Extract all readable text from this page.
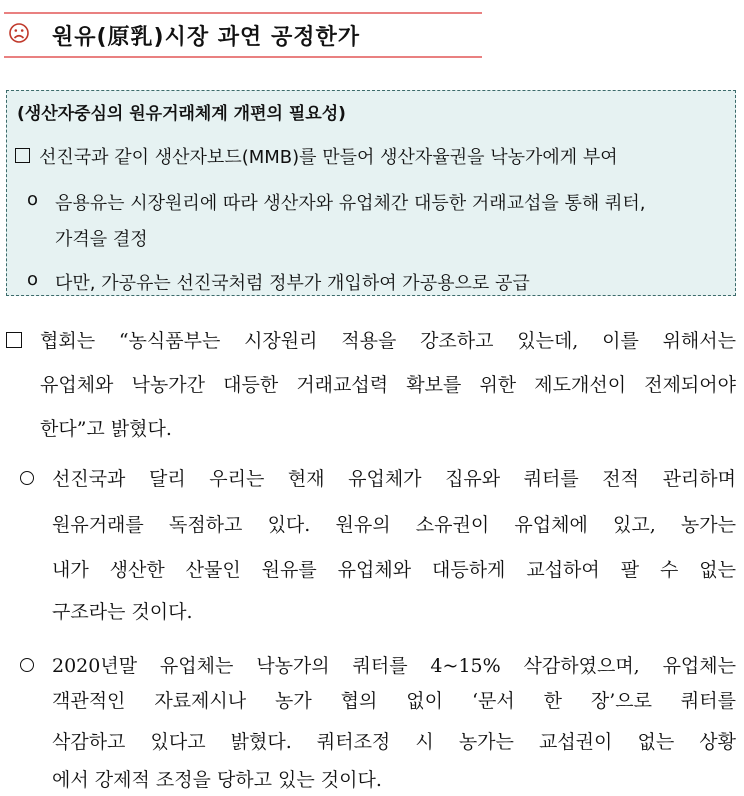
원유(原乳)시장 과연 공정한가
(생산자중심의 원유거래체계 개편의 필요성)
선진국과 같이 생산자보드(MMB)를 만들어 생산자율권을 낙농가에게 부여
o 음용유는 시장원리에 따라 생산자와 유업체간 대등한 거래교섭을 통해 쿼터,
가격을 결정
o 다만, 가공유는 선진국처럼 정부가 개입하여 가공용으로 공급
협회는 “농식품부는 시장원리 적용을 강조하고 있는데, 이를 위해서는
유업체와 낙농가간 대등한 거래교섭력 확보를 위한 제도개선이 전제되어야
한다”고 밝혔다.
선진국과 달리 우리는 현재 유업체가 집유와 쿼터를 전적 관리하며
원유거래를 독점하고 있다. 원유의 소유권이 유업체에 있고, 농가는
내가 생산한 산물인 원유를 유업체와 대등하게 교섭하여 팔 수 없는
구조라는 것이다.
2020년말 유업체는 낙농가의 쿼터를 4~15% 삭감하였으며, 유업체는
객관적인 자료제시나 농가 협의 없이 ‘문서 한 장’으로 쿼터를
삭감하고 있다고 밝혔다. 쿼터조정 시 농가는 교섭권이 없는 상황
에서 강제적 조정을 당하고 있는 것이다.
